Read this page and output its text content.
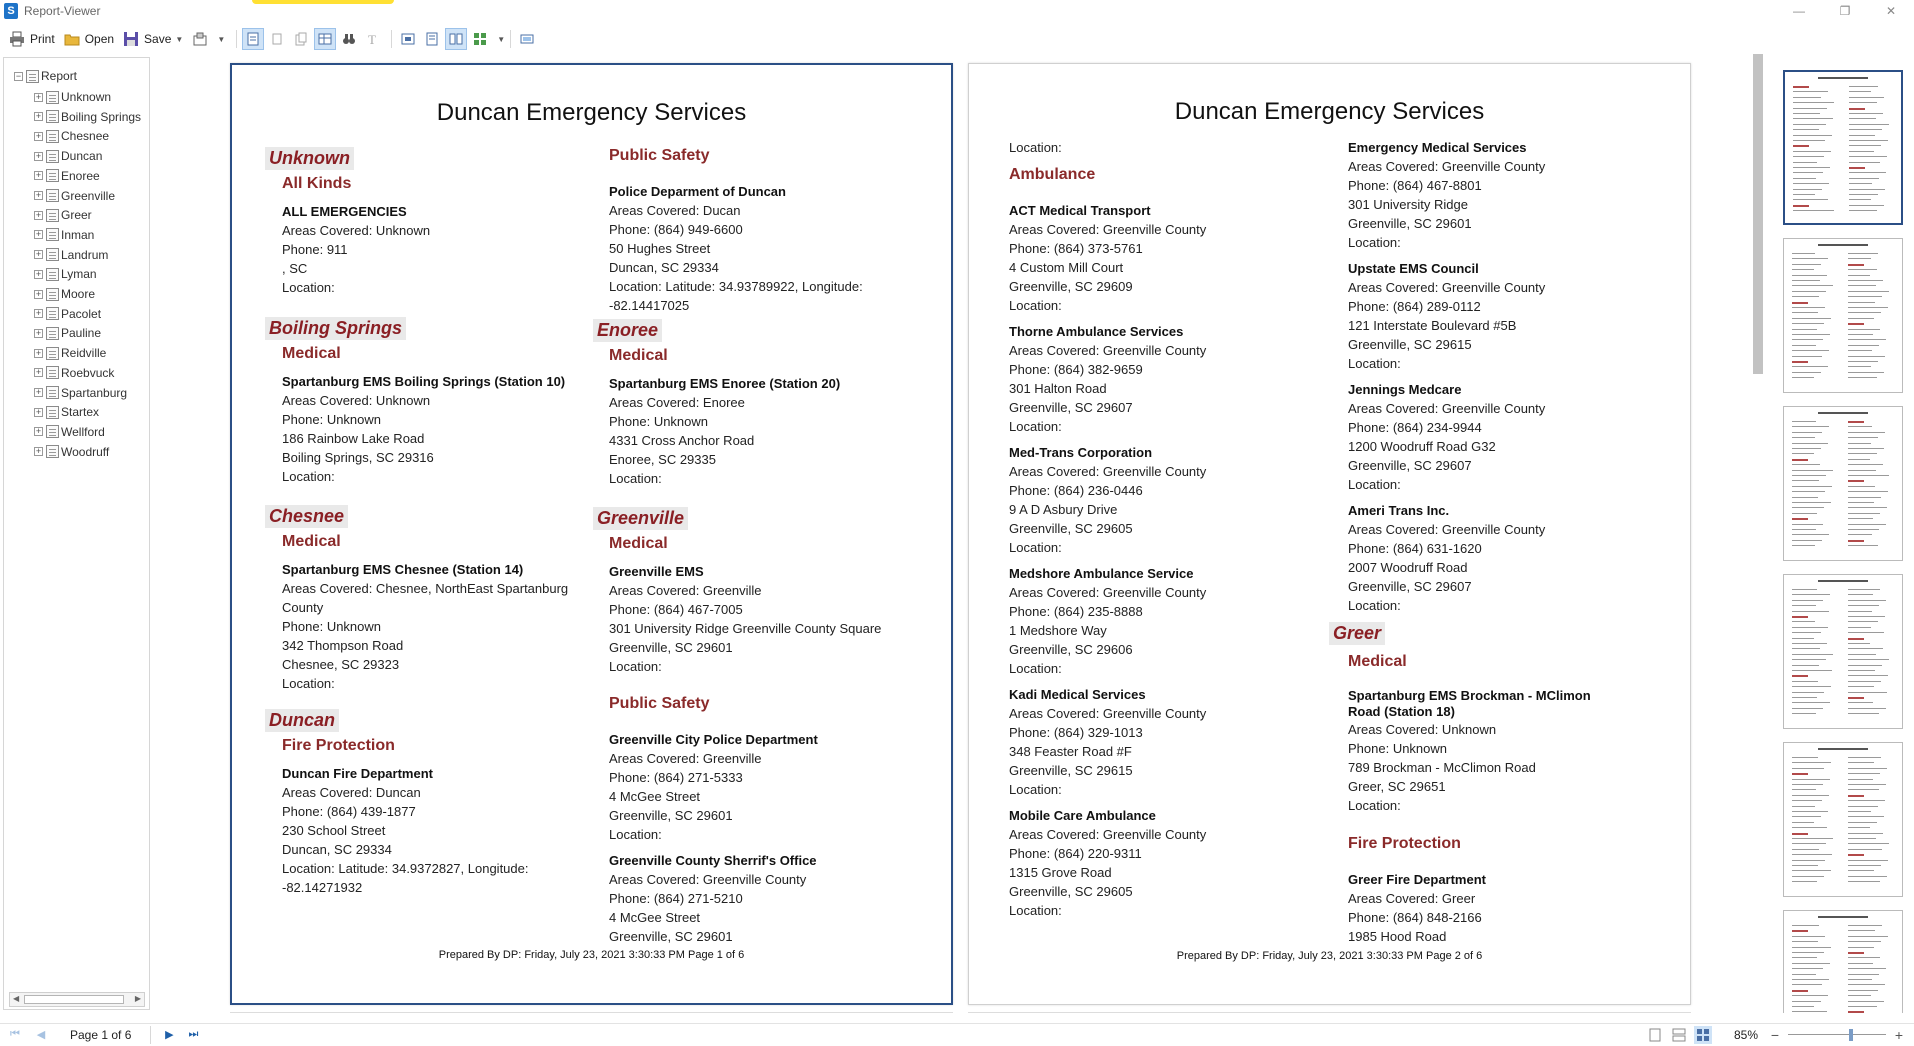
S Report-Viewer	—	❐	✕
Print	Open	Save ▼	▼	T	▼
− Report
+ Unknown
+ Boiling Springs
+ Chesnee
+ Duncan
+ Enoree
+ Greenville
+ Greer
+ Inman
+ Landrum
+ Lyman
+ Moore
+ Pacolet
+ Pauline
+ Reidville
+ Roebvuck
+ Spartanburg
+ Startex
+ Wellford
+ Woodruff
◀	▶
Duncan Emergency Services
Unknown
All Kinds
ALL EMERGENCIES
Areas Covered: Unknown
Phone: 911
, SC
Location:
Boiling Springs
Medical
Spartanburg EMS Boiling Springs (Station 10)
Areas Covered: Unknown
Phone: Unknown
186 Rainbow Lake Road
Boiling Springs, SC 29316
Location:
Chesnee
Medical
Spartanburg EMS Chesnee (Station 14)
Areas Covered: Chesnee, NorthEast Spartanburg
County
Phone: Unknown
342 Thompson Road
Chesnee, SC 29323
Location:
Duncan
Fire Protection
Duncan Fire Department
Areas Covered: Duncan
Phone: (864) 439-1877
230 School Street
Duncan, SC 29334
Location: Latitude: 34.9372827, Longitude:
-82.14271932
Public Safety
Police Deparment of Duncan
Areas Covered: Ducan
Phone: (864) 949-6600
50 Hughes Street
Duncan, SC 29334
Location: Latitude: 34.93789922, Longitude:
-82.14417025
Enoree
Medical
Spartanburg EMS Enoree (Station 20)
Areas Covered: Enoree
Phone: Unknown
4331 Cross Anchor Road
Enoree, SC 29335
Location:
Greenville
Medical
Greenville EMS
Areas Covered: Greenville
Phone: (864) 467-7005
301 University Ridge Greenville County Square
Greenville, SC 29601
Location:
Public Safety
Greenville City Police Department
Areas Covered: Greenville
Phone: (864) 271-5333
4 McGee Street
Greenville, SC 29601
Location:
Greenville County Sherrif's Office
Areas Covered: Greenville County
Phone: (864) 271-5210
4 McGee Street
Greenville, SC 29601
Prepared By DP: Friday, July 23, 2021 3:30:33 PM Page 1 of 6
Duncan Emergency Services
Location:
Ambulance
ACT Medical Transport
Areas Covered: Greenville County
Phone: (864) 373-5761
4 Custom Mill Court
Greenville, SC 29609
Location:
Thorne Ambulance Services
Areas Covered: Greenville County
Phone: (864) 382-9659
301 Halton Road
Greenville, SC 29607
Location:
Med-Trans Corporation
Areas Covered: Greenville County
Phone: (864) 236-0446
9 A D Asbury Drive
Greenville, SC 29605
Location:
Medshore Ambulance Service
Areas Covered: Greenville County
Phone: (864) 235-8888
1 Medshore Way
Greenville, SC 29606
Location:
Kadi Medical Services
Areas Covered: Greenville County
Phone: (864) 329-1013
348 Feaster Road #F
Greenville, SC 29615
Location:
Mobile Care Ambulance
Areas Covered: Greenville County
Phone: (864) 220-9311
1315 Grove Road
Greenville, SC 29605
Location:
Emergency Medical Services
Areas Covered: Greenville County
Phone: (864) 467-8801
301 University Ridge
Greenville, SC 29601
Location:
Upstate EMS Council
Areas Covered: Greenville County
Phone: (864) 289-0112
121 Interstate Boulevard #5B
Greenville, SC 29615
Location:
Jennings Medcare
Areas Covered: Greenville County
Phone: (864) 234-9944
1200 Woodruff Road G32
Greenville, SC 29607
Location:
Ameri Trans Inc.
Areas Covered: Greenville County
Phone: (864) 631-1620
2007 Woodruff Road
Greenville, SC 29607
Location:
Greer
Medical
Spartanburg EMS Brockman - MClimon Road (Station 18)
Areas Covered: Unknown
Phone: Unknown
789 Brockman - McClimon Road
Greer, SC 29651
Location:
Fire Protection
Greer Fire Department
Areas Covered: Greer
Phone: (864) 848-2166
1985 Hood Road
Prepared By DP: Friday, July 23, 2021 3:30:33 PM Page 2 of 6
⏮	◀	Page 1 of 6	▶	⏭	85% −	+
